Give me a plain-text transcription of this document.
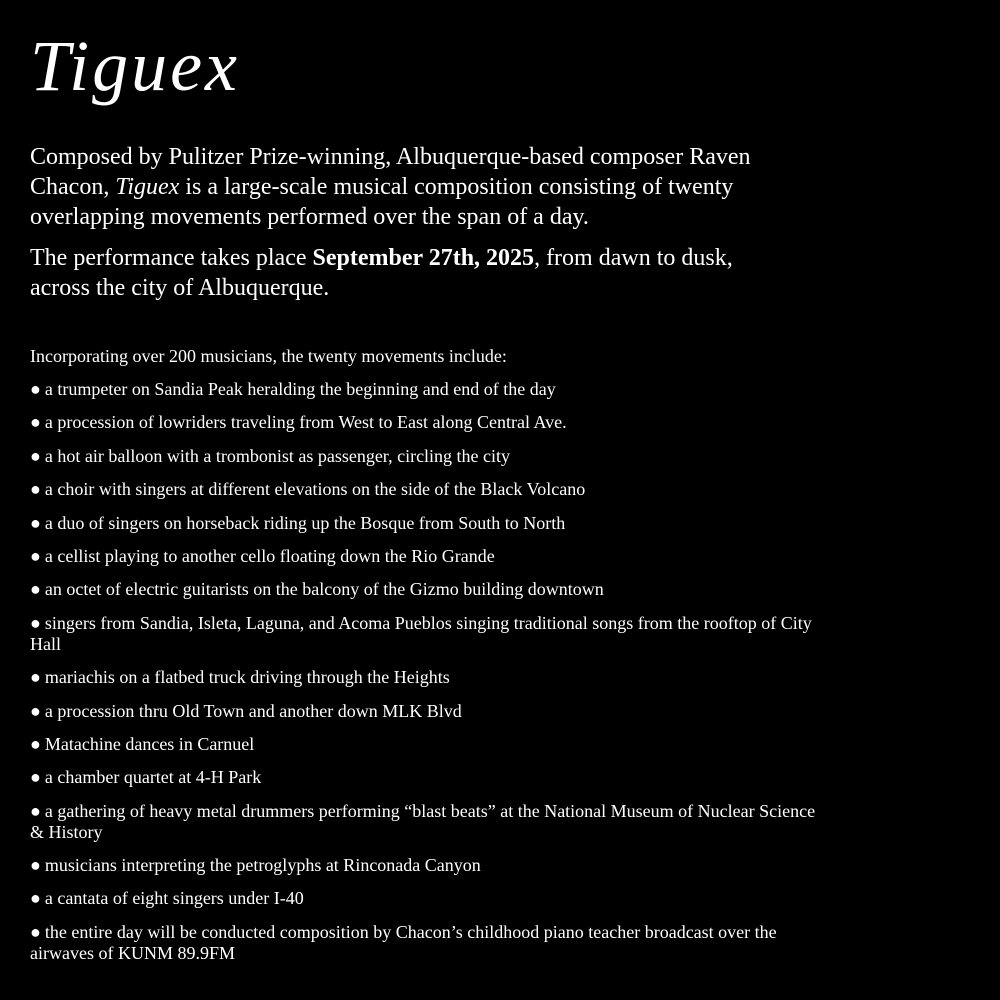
Tiguex

Composed by Pulitzer Prize-winning, Albuquerque-based composer Raven Chacon, Tiguex is a large-scale musical composition consisting of twenty overlapping movements performed over the span of a day.

The performance takes place September 27th, 2025, from dawn to dusk, across the city of Albuquerque.

Incorporating over 200 musicians, the twenty movements include:

● a trumpeter on Sandia Peak heralding the beginning and end of the day
● a procession of lowriders traveling from West to East along Central Ave.
● a hot air balloon with a trombonist as passenger, circling the city
● a choir with singers at different elevations on the side of the Black Volcano
● a duo of singers on horseback riding up the Bosque from South to North
● a cellist playing to another cello floating down the Rio Grande
● an octet of electric guitarists on the balcony of the Gizmo building downtown
● singers from Sandia, Isleta, Laguna, and Acoma Pueblos singing traditional songs from the rooftop of City Hall
● mariachis on a flatbed truck driving through the Heights
● a procession thru Old Town and another down MLK Blvd
● Matachine dances in Carnuel
● a chamber quartet at 4-H Park
● a gathering of heavy metal drummers performing “blast beats” at the National Museum of Nuclear Science & History
● musicians interpreting the petroglyphs at Rinconada Canyon
● a cantata of eight singers under I-40
● the entire day will be conducted composition by Chacon’s childhood piano teacher broadcast over the airwaves of KUNM 89.9FM
